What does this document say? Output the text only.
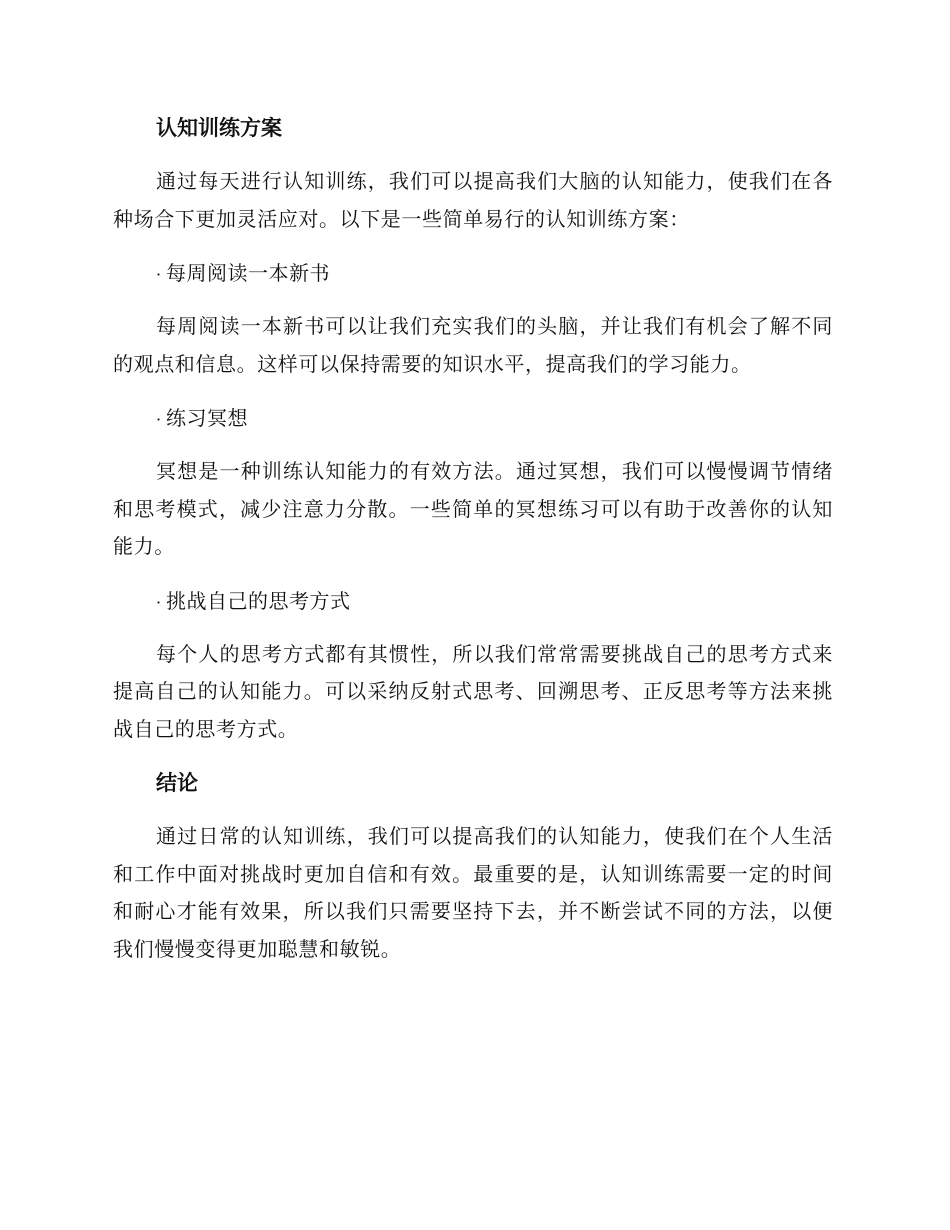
认知训练方案

通过每天进行认知训练，我们可以提高我们大脑的认知能力，使我们在各种场合下更加灵活应对。以下是一些简单易行的认知训练方案：

· 每周阅读一本新书

每周阅读一本新书可以让我们充实我们的头脑，并让我们有机会了解不同的观点和信息。这样可以保持需要的知识水平，提高我们的学习能力。

· 练习冥想

冥想是一种训练认知能力的有效方法。通过冥想，我们可以慢慢调节情绪和思考模式，减少注意力分散。一些简单的冥想练习可以有助于改善你的认知能力。

· 挑战自己的思考方式

每个人的思考方式都有其惯性，所以我们常常需要挑战自己的思考方式来提高自己的认知能力。可以采纳反射式思考、回溯思考、正反思考等方法来挑战自己的思考方式。

结论

通过日常的认知训练，我们可以提高我们的认知能力，使我们在个人生活和工作中面对挑战时更加自信和有效。最重要的是，认知训练需要一定的时间和耐心才能有效果，所以我们只需要坚持下去，并不断尝试不同的方法，以便我们慢慢变得更加聪慧和敏锐。
